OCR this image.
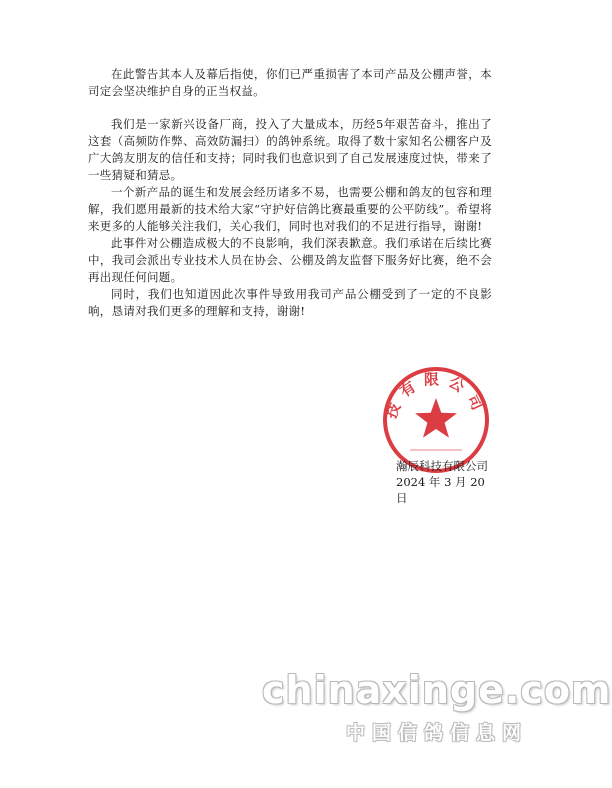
在此警告其本人及幕后指使，你们已严重损害了本司产品及公棚声誉，本司定会坚决维护自身的正当权益。

我们是一家新兴设备厂商，投入了大量成本，历经5年艰苦奋斗，推出了这套（高频防作弊、高效防漏扫）的鸽钟系统。取得了数十家知名公棚客户及广大鸽友朋友的信任和支持；同时我们也意识到了自己发展速度过快，带来了一些猜疑和猜忌。

一个新产品的诞生和发展会经历诸多不易，也需要公棚和鸽友的包容和理解，我们愿用最新的技术给大家“守护好信鸽比赛最重要的公平防线”。希望将来更多的人能够关注我们，关心我们，同时也对我们的不足进行指导，谢谢!

此事件对公棚造成极大的不良影响，我们深表歉意。我们承诺在后续比赛中，我司会派出专业技术人员在协会、公棚及鸽友监督下服务好比赛，绝不会再出现任何问题。

同时，我们也知道因此次事件导致用我司产品公棚受到了一定的不良影响，恳请对我们更多的理解和支持，谢谢!

技有限公司
瀚辰科技有限公司
2024 年 3 月 20 日
chinaxinge.com
中国信鸽信息网
